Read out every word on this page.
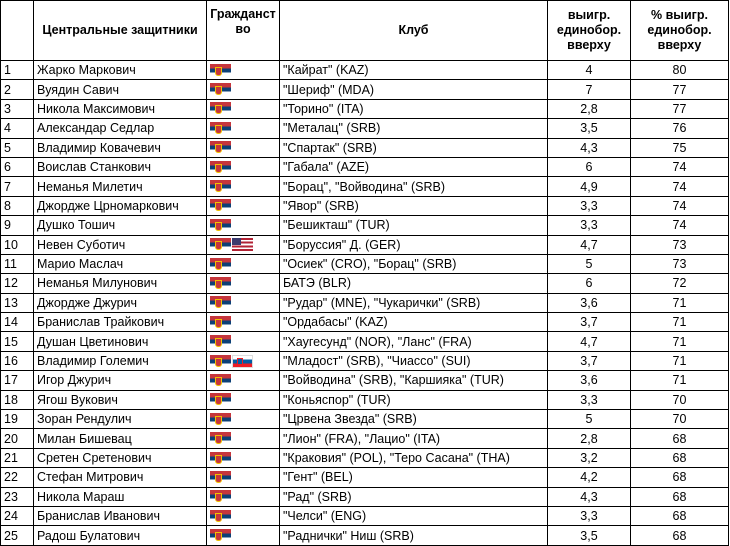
	Центральные защитники	Гражданство	Клуб	выигр. единобор. вверху	% выигр. единобор. вверху
1	Жарко Маркович		"Кайрат" (KAZ)	4	80
2	Вуядин Савич		"Шериф" (MDA)	7	77
3	Никола Максимович		"Торино" (ITA)	2,8	77
4	Александар Седлар		"Металац" (SRB)	3,5	76
5	Владимир Ковачевич		"Спартак" (SRB)	4,3	75
6	Воислав Станкович		"Габала" (AZE)	6	74
7	Неманья Милетич		"Борац", "Войводина" (SRB)	4,9	74
8	Джордже Црномаркович		"Явор" (SRB)	3,3	74
9	Душко Тошич		"Бешикташ" (TUR)	3,3	74
10	Невен Суботич		"Боруссия" Д. (GER)	4,7	73
11	Марио Маслач		"Осиек" (CRO), "Борац" (SRB)	5	73
12	Неманья Милунович		БАТЭ (BLR)	6	72
13	Джордже Джурич		"Рудар" (MNE), "Чукарички" (SRB)	3,6	71
14	Бранислав Трайкович		"Ордабасы" (KAZ)	3,7	71
15	Душан Цветинович		"Хаугесунд" (NOR), "Ланс" (FRA)	4,7	71
16	Владимир Големич		"Младост" (SRB), "Чиассо" (SUI)	3,7	71
17	Игор Джурич		"Войводина" (SRB), "Каршияка" (TUR)	3,6	71
18	Ягош Вукович		"Коньяспор" (TUR)	3,3	70
19	Зоран Рендулич		"Црвена Звезда" (SRB)	5	70
20	Милан Бишевац		"Лион" (FRA), "Лацио" (ITA)	2,8	68
21	Сретен Сретенович		"Краковия" (POL), "Теро Сасана" (THA)	3,2	68
22	Стефан Митрович		"Гент" (BEL)	4,2	68
23	Никола Мараш		"Рад" (SRB)	4,3	68
24	Бранислав Иванович		"Челси" (ENG)	3,3	68
25	Радош Булатович		"Раднички" Ниш (SRB)	3,5	68
